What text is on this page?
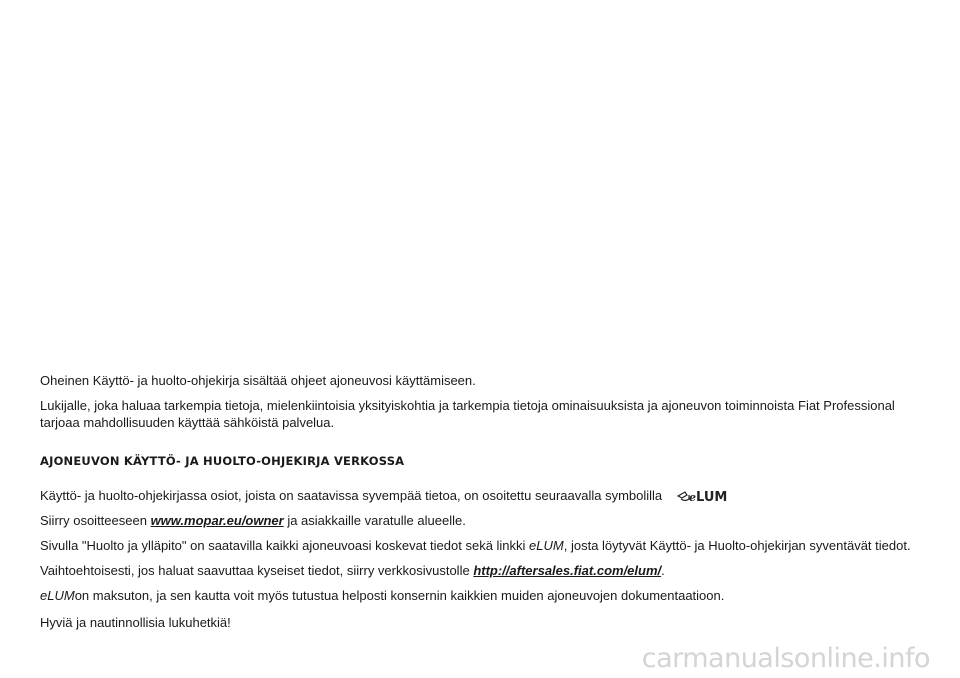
Oheinen Käyttö- ja huolto-ohjekirja sisältää ohjeet ajoneuvosi käyttämiseen.

Lukijalle, joka haluaa tarkempia tietoja, mielenkiintoisia yksityiskohtia ja tarkempia tietoja ominaisuuksista ja ajoneuvon toiminnoista Fiat Professional tarjoaa mahdollisuuden käyttää sähköistä palvelua.

AJONEUVON KÄYTTÖ- JA HUOLTO-OHJEKIRJA VERKOSSA

Käyttö- ja huolto-ohjekirjassa osiot, joista on saatavissa syvempää tietoa, on osoitettu seuraavalla symbolilla e LUM

Siirry osoitteeseen www.mopar.eu/owner ja asiakkaille varatulle alueelle.

Sivulla "Huolto ja ylläpito" on saatavilla kaikki ajoneuvoasi koskevat tiedot sekä linkki eLUM, josta löytyvät Käyttö- ja Huolto-ohjekirjan syventävät tiedot.

Vaihtoehtoisesti, jos haluat saavuttaa kyseiset tiedot, siirry verkkosivustolle http://aftersales.fiat.com/elum/.

eLUMon maksuton, ja sen kautta voit myös tutustua helposti konsernin kaikkien muiden ajoneuvojen dokumentaatioon.

Hyviä ja nautinnollisia lukuhetkiä!

carmanualsonline.info
